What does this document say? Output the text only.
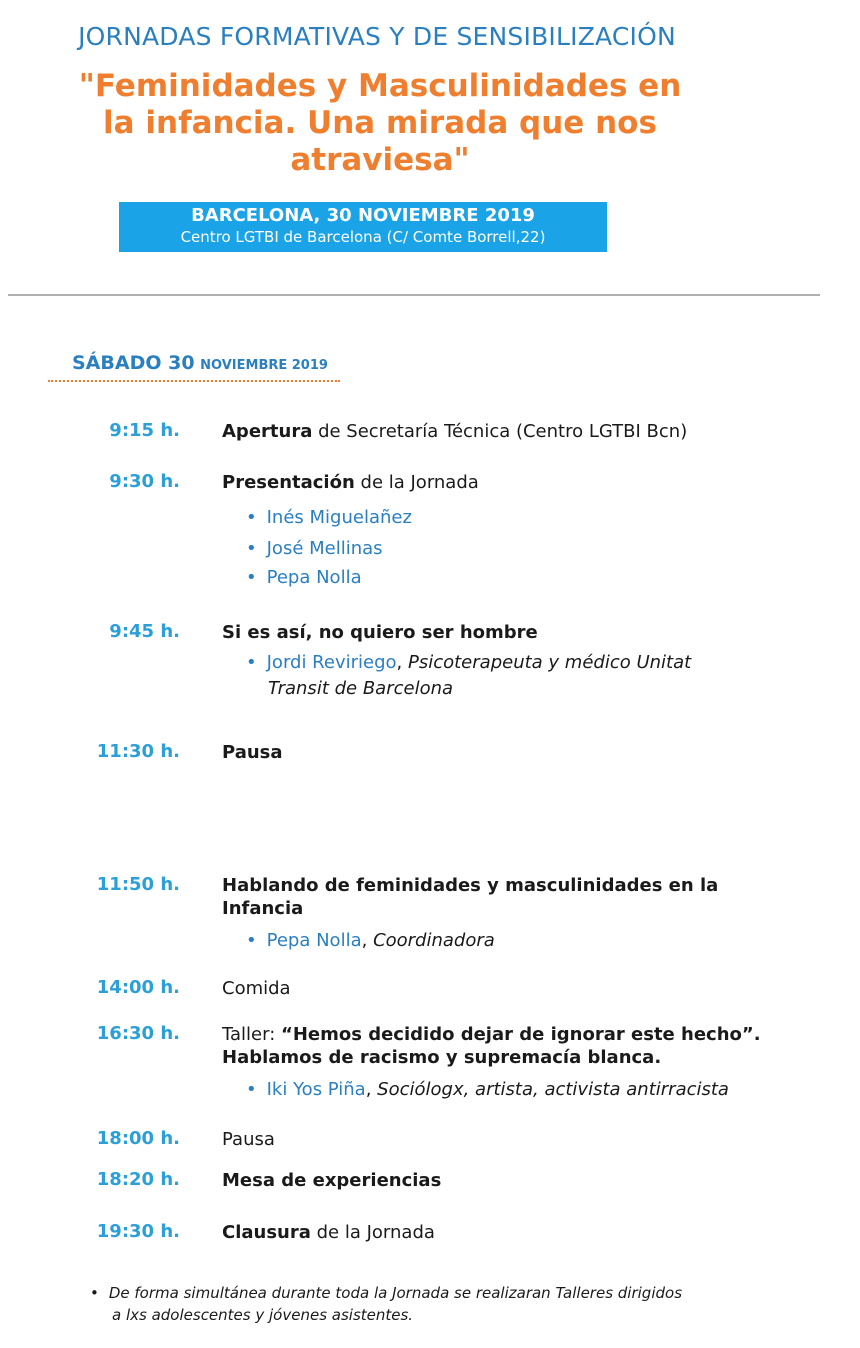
JORNADAS FORMATIVAS Y DE SENSIBILIZACIÓN
"Feminidades y Masculinidades en
la infancia. Una mirada que nos
atraviesa"
BARCELONA, 30 NOVIEMBRE 2019
Centro LGTBI de Barcelona (C/ Comte Borrell,22)
SÁBADO 30 NOVIEMBRE 2019
9:15 h. Apertura de Secretaría Técnica (Centro LGTBI Bcn)
9:30 h. Presentación de la Jornada
• Inés Miguelañez
• José Mellinas
• Pepa Nolla
9:45 h. Si es así, no quiero ser hombre
• Jordi Reviriego, Psicoterapeuta y médico Unitat
Transit de Barcelona
11:30 h. Pausa
11:50 h. Hablando de feminidades y masculinidades en la
Infancia
• Pepa Nolla, Coordinadora
14:00 h. Comida
16:30 h. Taller: “Hemos decidido dejar de ignorar este hecho”.
Hablamos de racismo y supremacía blanca.
• Iki Yos Piña, Sociólogx, artista, activista antirracista
18:00 h. Pausa
18:20 h. Mesa de experiencias
19:30 h. Clausura de la Jornada
• De forma simultánea durante toda la Jornada se realizaran Talleres dirigidos
a lxs adolescentes y jóvenes asistentes.
